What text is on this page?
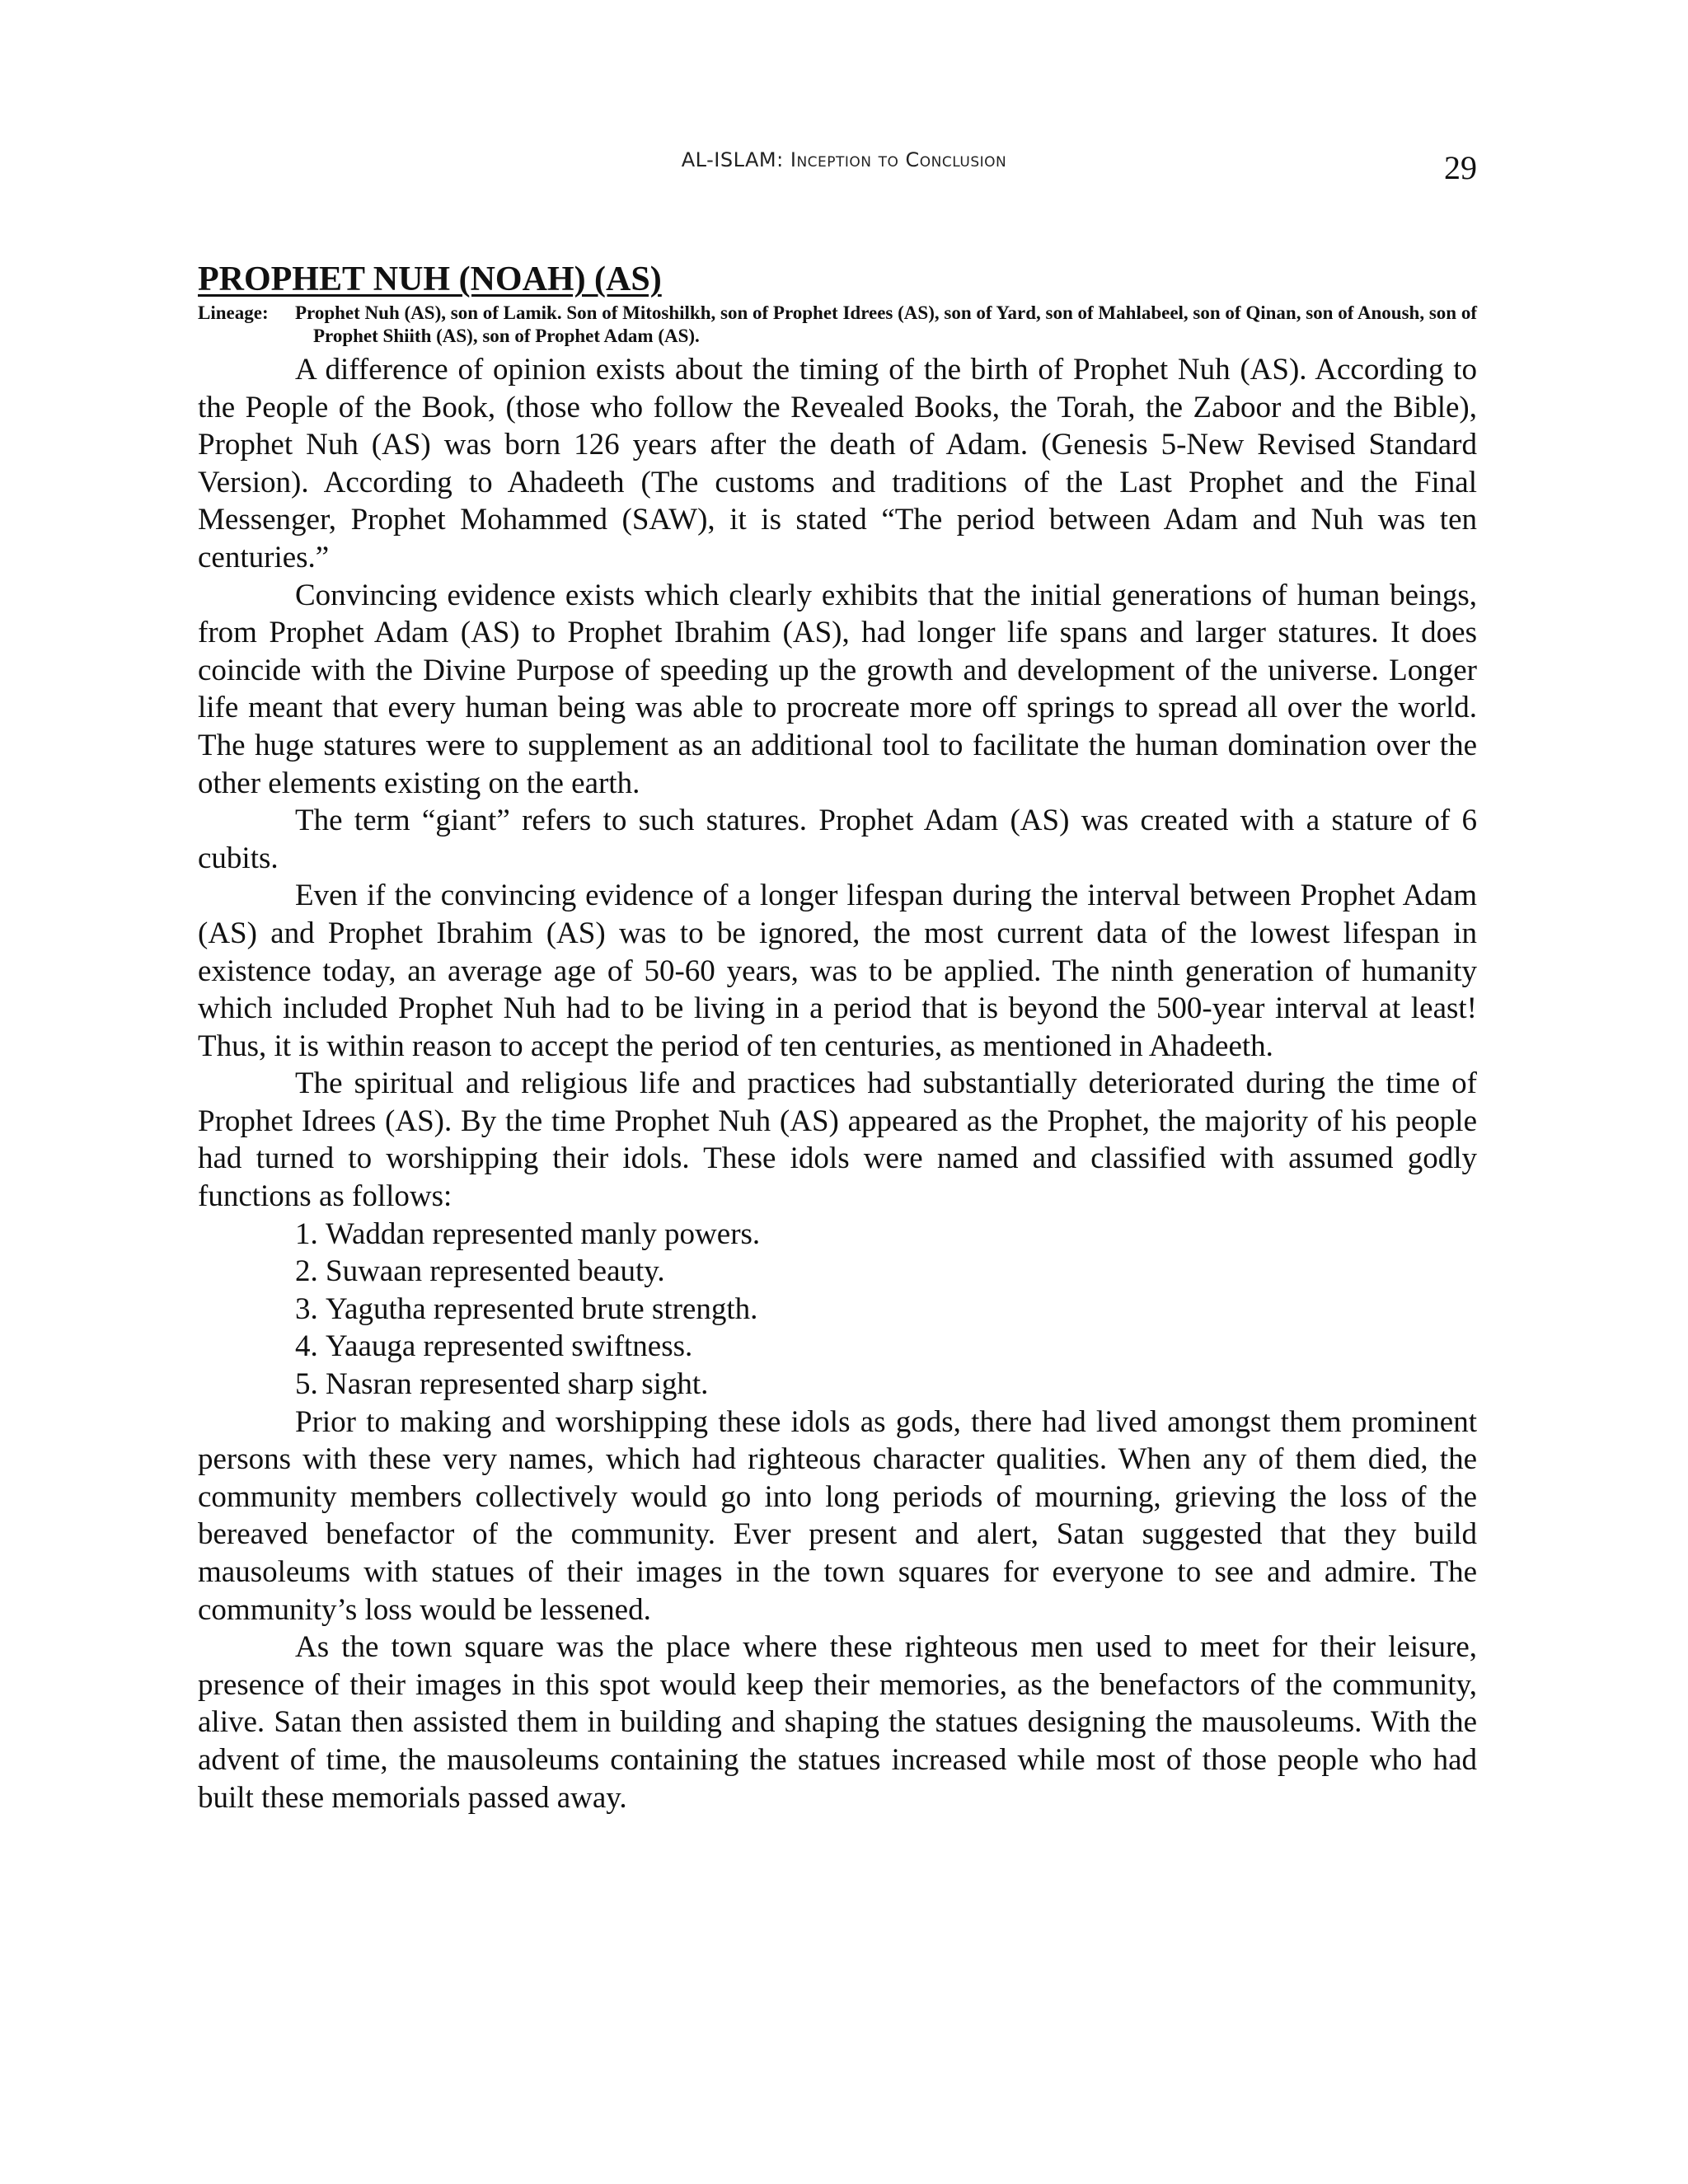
AL-ISLAM: Inception to Conclusion	29
PROPHET NUH (NOAH) (AS)
Lineage:	Prophet Nuh (AS), son of Lamik. Son of Mitoshilkh, son of Prophet Idrees (AS), son of Yard, son of Mahlabeel, son of Qinan, son of Anoush, son of Prophet Shiith (AS), son of Prophet Adam (AS).

A difference of opinion exists about the timing of the birth of Prophet Nuh (AS). According to the People of the Book, (those who follow the Revealed Books, the Torah, the Zaboor and the Bible), Prophet Nuh (AS) was born 126 years after the death of Adam. (Genesis 5-New Revised Standard Version). According to Ahadeeth (The customs and traditions of the Last Prophet and the Final Messenger, Prophet Mohammed (SAW), it is stated “The period between Adam and Nuh was ten centuries.”

Convincing evidence exists which clearly exhibits that the initial generations of human beings, from Prophet Adam (AS) to Prophet Ibrahim (AS), had longer life spans and larger statures. It does coincide with the Divine Purpose of speeding up the growth and development of the universe. Longer life meant that every human being was able to procreate more off springs to spread all over the world. The huge statures were to supplement as an additional tool to facilitate the human domination over the other elements existing on the earth.

The term “giant” refers to such statures. Prophet Adam (AS) was created with a stature of 6 cubits.

Even if the convincing evidence of a longer lifespan during the interval between Prophet Adam (AS) and Prophet Ibrahim (AS) was to be ignored, the most current data of the lowest lifespan in existence today, an average age of 50-60 years, was to be applied. The ninth generation of humanity which included Prophet Nuh had to be living in a period that is beyond the 500-year interval at least! Thus, it is within reason to accept the period of ten centuries, as mentioned in Ahadeeth.

The spiritual and religious life and practices had substantially deteriorated during the time of Prophet Idrees (AS). By the time Prophet Nuh (AS) appeared as the Prophet, the majority of his people had turned to worshipping their idols. These idols were named and classified with assumed godly functions as follows:

1. Waddan represented manly powers.
2. Suwaan represented beauty.
3. Yagutha represented brute strength.
4. Yaauga represented swiftness.
5. Nasran represented sharp sight.

Prior to making and worshipping these idols as gods, there had lived amongst them prominent persons with these very names, which had righteous character qualities. When any of them died, the community members collectively would go into long periods of mourning, grieving the loss of the bereaved benefactor of the community. Ever present and alert, Satan suggested that they build mausoleums with statues of their images in the town squares for everyone to see and admire. The community’s loss would be lessened.

As the town square was the place where these righteous men used to meet for their leisure, presence of their images in this spot would keep their memories, as the benefactors of the community, alive. Satan then assisted them in building and shaping the statues designing the mausoleums. With the advent of time, the mausoleums containing the statues increased while most of those people who had built these memorials passed away.
